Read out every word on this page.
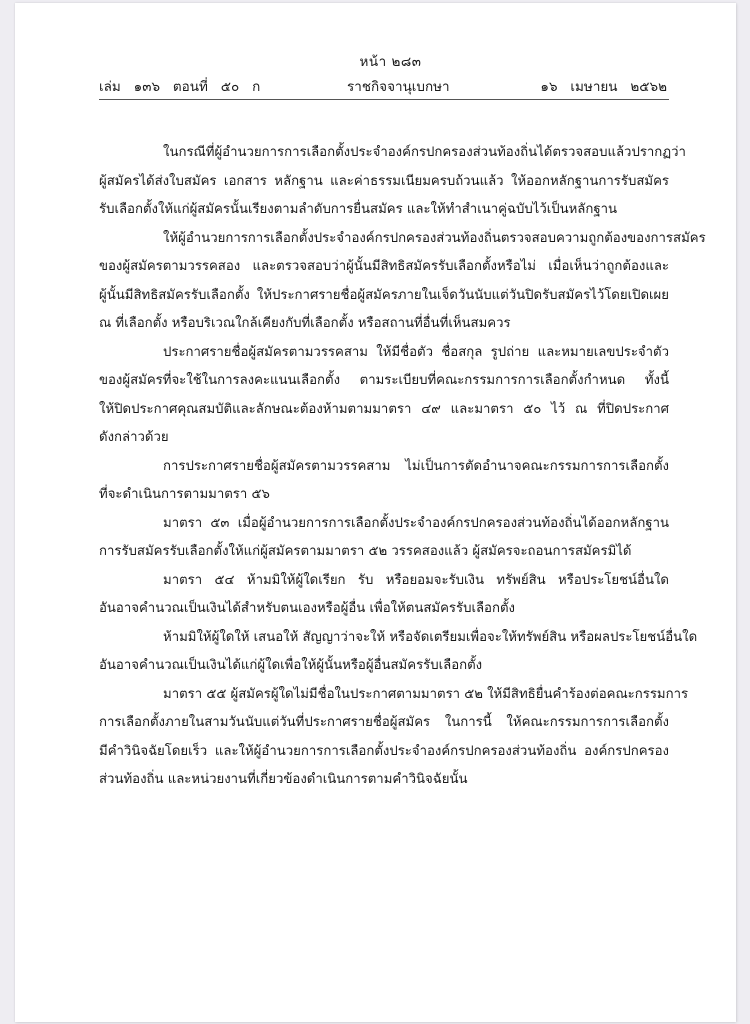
หน้า ๒๘๓
เล่ม   ๑๓๖   ตอนที่   ๕๐   ก	ราชกิจจานุเบกษา	๑๖   เมษายน   ๒๕๖๒
ในกรณีที่ผู้อำนวยการการเลือกตั้งประจำองค์กรปกครองส่วนท้องถิ่นได้ตรวจสอบแล้วปรากฏว่า
ผู้สมัครได้ส่งใบสมัคร เอกสาร หลักฐาน และค่าธรรมเนียมครบถ้วนแล้ว ให้ออกหลักฐานการรับสมัคร
รับเลือกตั้งให้แก่ผู้สมัครนั้นเรียงตามลำดับการยื่นสมัคร และให้ทำสำเนาคู่ฉบับไว้เป็นหลักฐาน
ให้ผู้อำนวยการการเลือกตั้งประจำองค์กรปกครองส่วนท้องถิ่นตรวจสอบความถูกต้องของการสมัคร
ของผู้สมัครตามวรรคสอง และตรวจสอบว่าผู้นั้นมีสิทธิสมัครรับเลือกตั้งหรือไม่ เมื่อเห็นว่าถูกต้องและ
ผู้นั้นมีสิทธิสมัครรับเลือกตั้ง ให้ประกาศรายชื่อผู้สมัครภายในเจ็ดวันนับแต่วันปิดรับสมัครไว้โดยเปิดเผย
ณ ที่เลือกตั้ง หรือบริเวณใกล้เคียงกับที่เลือกตั้ง หรือสถานที่อื่นที่เห็นสมควร
ประกาศรายชื่อผู้สมัครตามวรรคสาม ให้มีชื่อตัว ชื่อสกุล รูปถ่าย และหมายเลขประจำตัว
ของผู้สมัครที่จะใช้ในการลงคะแนนเลือกตั้ง ตามระเบียบที่คณะกรรมการการเลือกตั้งกำหนด ทั้งนี้
ให้ปิดประกาศคุณสมบัติและลักษณะต้องห้ามตามมาตรา ๔๙ และมาตรา ๕๐ ไว้ ณ ที่ปิดประกาศ
ดังกล่าวด้วย
การประกาศรายชื่อผู้สมัครตามวรรคสาม ไม่เป็นการตัดอำนาจคณะกรรมการการเลือกตั้ง
ที่จะดำเนินการตามมาตรา ๕๖
มาตรา ๕๓ เมื่อผู้อำนวยการการเลือกตั้งประจำองค์กรปกครองส่วนท้องถิ่นได้ออกหลักฐาน
การรับสมัครรับเลือกตั้งให้แก่ผู้สมัครตามมาตรา ๕๒ วรรคสองแล้ว ผู้สมัครจะถอนการสมัครมิได้
มาตรา ๕๔ ห้ามมิให้ผู้ใดเรียก รับ หรือยอมจะรับเงิน ทรัพย์สิน หรือประโยชน์อื่นใด
อันอาจคำนวณเป็นเงินได้สำหรับตนเองหรือผู้อื่น เพื่อให้ตนสมัครรับเลือกตั้ง
ห้ามมิให้ผู้ใดให้ เสนอให้ สัญญาว่าจะให้ หรือจัดเตรียมเพื่อจะให้ทรัพย์สิน หรือผลประโยชน์อื่นใด
อันอาจคำนวณเป็นเงินได้แก่ผู้ใดเพื่อให้ผู้นั้นหรือผู้อื่นสมัครรับเลือกตั้ง
มาตรา ๕๕ ผู้สมัครผู้ใดไม่มีชื่อในประกาศตามมาตรา ๕๒ ให้มีสิทธิยื่นคำร้องต่อคณะกรรมการ
การเลือกตั้งภายในสามวันนับแต่วันที่ประกาศรายชื่อผู้สมัคร ในการนี้ ให้คณะกรรมการการเลือกตั้ง
มีคำวินิจฉัยโดยเร็ว และให้ผู้อำนวยการการเลือกตั้งประจำองค์กรปกครองส่วนท้องถิ่น องค์กรปกครอง
ส่วนท้องถิ่น และหน่วยงานที่เกี่ยวข้องดำเนินการตามคำวินิจฉัยนั้น
